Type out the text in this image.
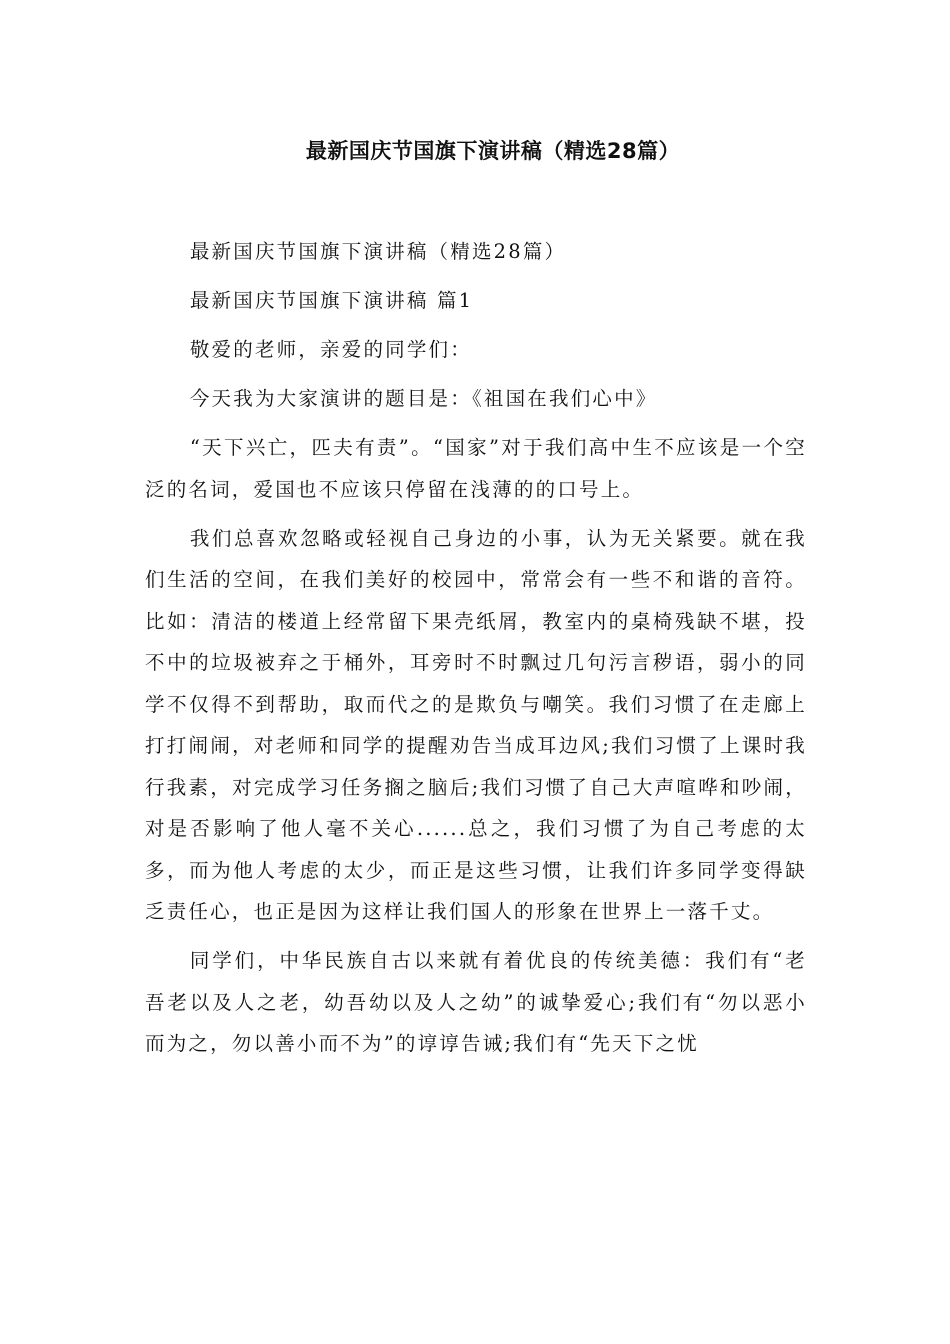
最新国庆节国旗下演讲稿（精选28篇）

最新国庆节国旗下演讲稿（精选28篇）

最新国庆节国旗下演讲稿 篇1

敬爱的老师，亲爱的同学们：

今天我为大家演讲的题目是：《祖国在我们心中》

“天下兴亡，匹夫有责”。“国家”对于我们高中生不应该是一个空泛的名词，爱国也不应该只停留在浅薄的的口号上。

我们总喜欢忽略或轻视自己身边的小事，认为无关紧要。就在我们生活的空间，在我们美好的校园中，常常会有一些不和谐的音符。比如：清洁的楼道上经常留下果壳纸屑，教室内的桌椅残缺不堪，投不中的垃圾被弃之于桶外，耳旁时不时飘过几句污言秽语，弱小的同学不仅得不到帮助，取而代之的是欺负与嘲笑。我们习惯了在走廊上打打闹闹，对老师和同学的提醒劝告当成耳边风;我们习惯了上课时我行我素，对完成学习任务搁之脑后;我们习惯了自己大声喧哗和吵闹，对是否影响了他人毫不关心......总之，我们习惯了为自己考虑的太多，而为他人考虑的太少，而正是这些习惯，让我们许多同学变得缺乏责任心，也正是因为这样让我们国人的形象在世界上一落千丈。

同学们，中华民族自古以来就有着优良的传统美德：我们有“老吾老以及人之老，幼吾幼以及人之幼”的诚挚爱心;我们有“勿以恶小而为之，勿以善小而不为”的谆谆告诫;我们有“先天下之忧
